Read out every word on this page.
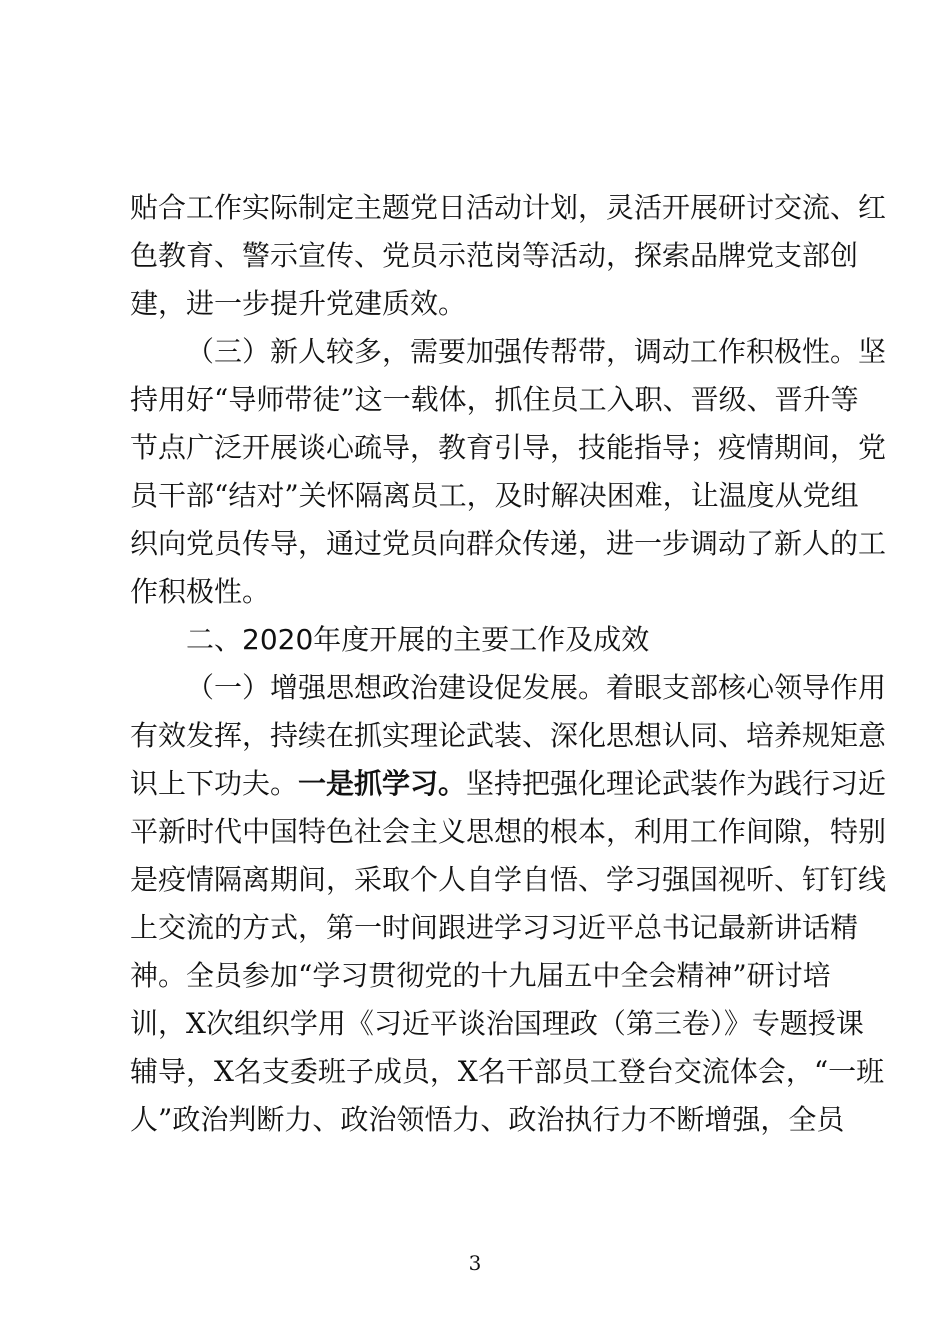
贴合工作实际制定主题党日活动计划，灵活开展研讨交流、红
色教育、警示宣传、党员示范岗等活动，探索品牌党支部创
建，进一步提升党建质效。
（三）新人较多，需要加强传帮带，调动工作积极性。坚
持用好“导师带徒”这一载体，抓住员工入职、晋级、晋升等
节点广泛开展谈心疏导，教育引导，技能指导；疫情期间，党
员干部“结对”关怀隔离员工，及时解决困难，让温度从党组
织向党员传导，通过党员向群众传递，进一步调动了新人的工
作积极性。
二、2020年度开展的主要工作及成效
（一）增强思想政治建设促发展。着眼支部核心领导作用
有效发挥，持续在抓实理论武装、深化思想认同、培养规矩意
识上下功夫。一是抓学习。坚持把强化理论武装作为践行习近
平新时代中国特色社会主义思想的根本，利用工作间隙，特别
是疫情隔离期间，采取个人自学自悟、学习强国视听、钉钉线
上交流的方式，第一时间跟进学习习近平总书记最新讲话精
神。全员参加“学习贯彻党的十九届五中全会精神”研讨培
训，X次组织学用《习近平谈治国理政（第三卷）》专题授课
辅导，X名支委班子成员，X名干部员工登台交流体会，“一班
人”政治判断力、政治领悟力、政治执行力不断增强，全员
3
